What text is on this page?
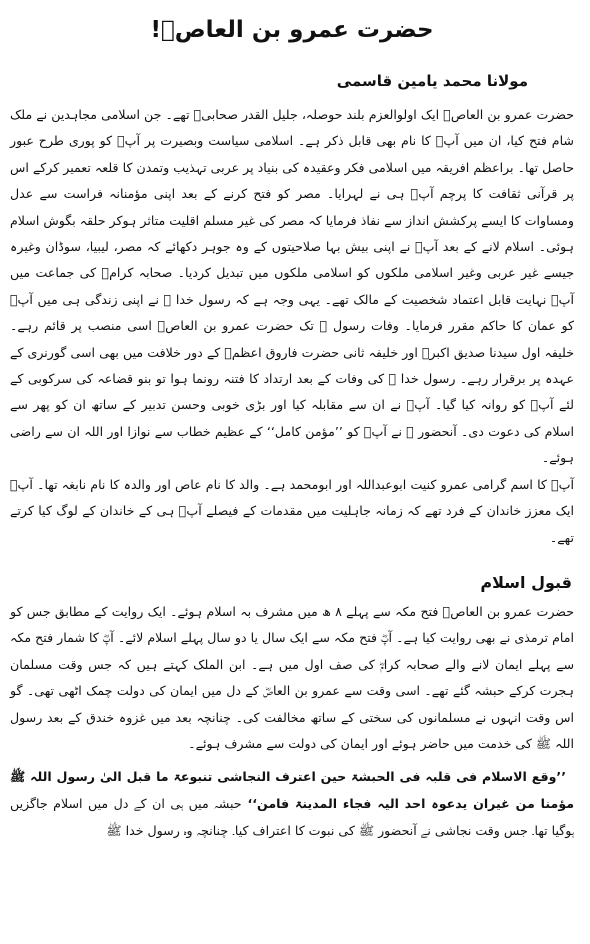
حضرت عمرو بن العاصؓ!
مولانا محمد یامین قاسمی

حضرت عمرو بن العاصؓ ایک اولوالعزم بلند حوصلہ، جلیل القدر صحابیؓ تھے۔ جن اسلامی مجاہدین نے ملک شام فتح کیا، ان میں آپؓ کا نام بھی قابل ذکر ہے۔ اسلامی سیاست وبصیرت پر آپؓ کو پوری طرح عبور حاصل تھا۔ براعظم افریقہ میں اسلامی فکر وعقیدہ کی بنیاد پر عربی تہذیب وتمدن کا قلعہ تعمیر کرکے اس پر قرآنی ثقافت کا پرچم آپؓ ہی نے لہرایا۔ مصر کو فتح کرنے کے بعد اپنی مؤمنانہ فراست سے عدل ومساوات کا ایسے پرکشش انداز سے نفاذ فرمایا کہ مصر کی غیر مسلم اقلیت متاثر ہوکر حلقہ بگوش اسلام ہوئی۔ اسلام لانے کے بعد آپؓ نے اپنی بیش بہا صلاحیتوں کے وہ جوہر دکھائے کہ مصر، لیبیا، سوڈان وغیرہ جیسے غیر عربی وغیر اسلامی ملکوں کو اسلامی ملکوں میں تبدیل کردیا۔ صحابہ کرامؓ کی جماعت میں آپؓ نہایت قابل اعتماد شخصیت کے مالک تھے۔ یہی وجہ ہے کہ رسول خدا ﷺ نے اپنی زندگی ہی میں آپؓ کو عمان کا حاکم مقرر فرمایا۔ وفات رسول ﷺ تک حضرت عمرو بن العاصؓ اسی منصب پر قائم رہے۔ خلیفہ اول سیدنا صدیق اکبرؓ اور خلیفہ ثانی حضرت فاروق اعظمؓ کے دور خلافت میں بھی اسی گورنری کے عہدہ پر برقرار رہے۔ رسول خدا ﷺ کی وفات کے بعد ارتداد کا فتنہ رونما ہوا تو بنو قضاعہ کی سرکوبی کے لئے آپؓ کو روانہ کیا گیا۔ آپؓ نے ان سے مقابلہ کیا اور بڑی خوبی وحسن تدبیر کے ساتھ ان کو پھر سے اسلام کی دعوت دی۔ آنحضور ﷺ نے آپؓ کو ’’مؤمن کامل‘‘ کے عظیم خطاب سے نوازا اور اللہ ان سے راضی ہوئے۔

آپؓ کا اسم گرامی عمرو کنیت ابوعبداللہ اور ابومحمد ہے۔ والد کا نام عاص اور والدہ کا نام نابغہ تھا۔ آپؓ ایک معزز خاندان کے فرد تھے کہ زمانہ جاہلیت میں مقدمات کے فیصلے آپؓ ہی کے خاندان کے لوگ کیا کرتے تھے۔

قبول اسلام

حضرت عمرو بن العاصؓ فتح مکہ سے پہلے ۸ ھ میں مشرف بہ اسلام ہوئے۔ ایک روایت کے مطابق جس کو امام ترمذی نے بھی روایت کیا ہے۔ آپؓ فتح مکہ سے ایک سال یا دو سال پہلے اسلام لائے۔ آپؓ کا شمار فتح مکہ سے پہلے ایمان لانے والے صحابہ کرامؓ کی صف اول میں ہے۔ ابن الملک کہتے ہیں کہ جس وقت مسلمان ہجرت کرکے حبشہ گئے تھے۔ اسی وقت سے عمرو بن العاصؓ کے دل میں ایمان کی دولت چمک اٹھی تھی۔ گو اس وقت انہوں نے مسلمانوں کی سختی کے ساتھ مخالفت کی۔ چنانچہ بعد میں غزوہ خندق کے بعد رسول اللہ ﷺ کی خدمت میں حاضر ہوئے اور ایمان کی دولت سے مشرف ہوئے۔

’’وقع الاسلام فی قلبہ فی الحبشۃ حین اعترف النجاشی تنبوعۃ ما قبل الیٰ رسول اللہ ﷺ مؤمنا من غیران یدعوہ احد الیہ فجاء المدینۃ فامن‘‘ حبشہ میں ہی ان کے دل میں اسلام جاگزیں ہوگیا تھا۔ جس وقت نجاشی نے آنحضور ﷺ کی نبوت کا اعتراف کیا۔ چنانچہ وہ رسول خدا ﷺ
